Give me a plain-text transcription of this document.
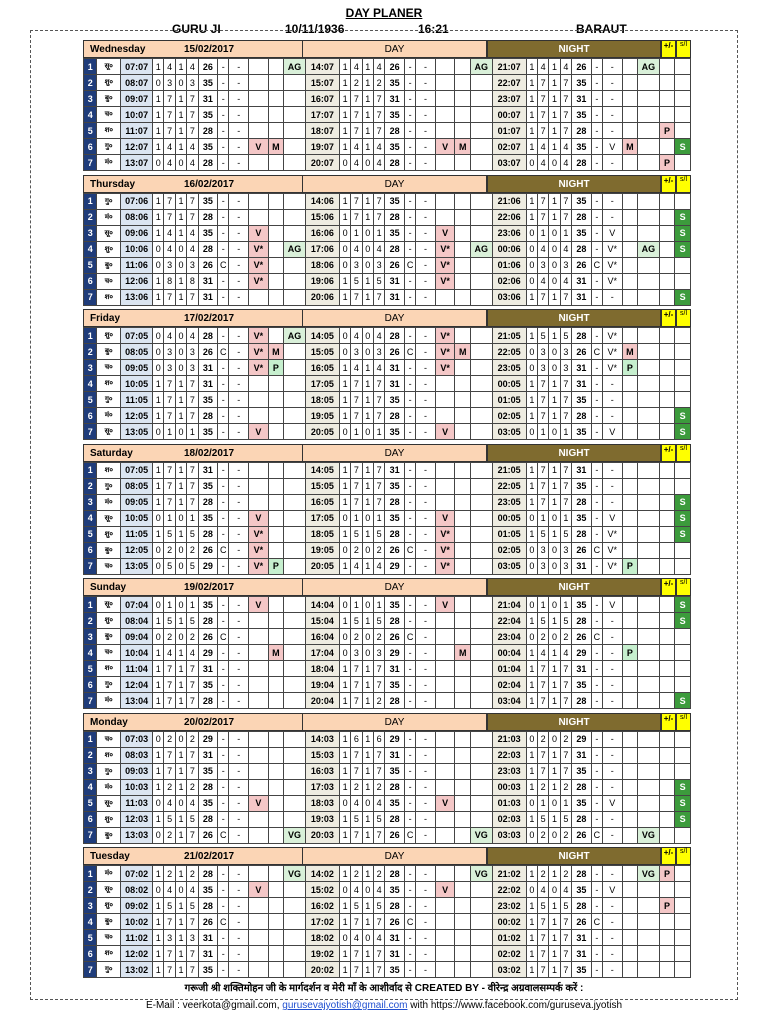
DAY PLANER
GURU JI	10/11/1936	16:21	BARAUT
Wednesday	15/02/2017	DAY	NIGHT	+/- s/l
1	सू०	07:07	1	4	1	4	26	-	-			AG	14:07	1	4	1	4	26	-	-			AG	21:07	1	4	1	4	26	-	-		AG		
2	शु०	08:07	0	3	0	3	35	-	-				15:07	1	2	1	2	35	-	-				22:07	1	7	1	7	35	-	-				
3	बु०	09:07	1	7	1	7	31	-	-				16:07	1	7	1	7	31	-	-				23:07	1	7	1	7	31	-	-				
4	च०	10:07	1	7	1	7	35	-	-				17:07	1	7	1	7	35	-	-				00:07	1	7	1	7	35	-	-				
5	श०	11:07	1	7	1	7	28	-	-				18:07	1	7	1	7	28	-	-				01:07	1	7	1	7	28	-	-			P	
6	गु०	12:07	1	4	1	4	35	-	-	V	M		19:07	1	4	1	4	35	-	-	V	M		02:07	1	4	1	4	35	-	V	M			S
7	मं०	13:07	0	4	0	4	28	-	-				20:07	0	4	0	4	28	-	-				03:07	0	4	0	4	28	-	-			P	
Thursday	16/02/2017	DAY	NIGHT	+/- s/l
1	गु०	07:06	1	7	1	7	35	-	-				14:06	1	7	1	7	35	-	-				21:06	1	7	1	7	35	-	-				
2	मं०	08:06	1	7	1	7	28	-	-				15:06	1	7	1	7	28	-	-				22:06	1	7	1	7	28	-	-				S
3	सू०	09:06	1	4	1	4	35	-	-	V			16:06	0	1	0	1	35	-	-	V			23:06	0	1	0	1	35	-	V				S
4	शु०	10:06	0	4	0	4	28	-	-	V*		AG	17:06	0	4	0	4	28	-	-	V*		AG	00:06	0	4	0	4	28	-	V*		AG		S
5	बु०	11:06	0	3	0	3	26	C	-	V*			18:06	0	3	0	3	26	C	-	V*			01:06	0	3	0	3	26	C	V*				
6	च०	12:06	1	8	1	8	31	-	-	V*			19:06	1	5	1	5	31	-	-	V*			02:06	0	4	0	4	31	-	V*				
7	श०	13:06	1	7	1	7	31	-	-				20:06	1	7	1	7	31	-	-				03:06	1	7	1	7	31	-	-				S
Friday	17/02/2017	DAY	NIGHT	+/- s/l
1	शु०	07:05	0	4	0	4	28	-	-	V*		AG	14:05	0	4	0	4	28	-	-	V*			21:05	1	5	1	5	28	-	V*				
2	बु०	08:05	0	3	0	3	26	C	-	V*	M		15:05	0	3	0	3	26	C	-	V*	M		22:05	0	3	0	3	26	C	V*	M			
3	च०	09:05	0	3	0	3	31	-	-	V*	P		16:05	1	4	1	4	31	-	-	V*			23:05	0	3	0	3	31	-	V*	P			
4	श०	10:05	1	7	1	7	31	-	-				17:05	1	7	1	7	31	-	-				00:05	1	7	1	7	31	-	-				
5	गु०	11:05	1	7	1	7	35	-	-				18:05	1	7	1	7	35	-	-				01:05	1	7	1	7	35	-	-				
6	मं०	12:05	1	7	1	7	28	-	-				19:05	1	7	1	7	28	-	-				02:05	1	7	1	7	28	-	-				S
7	सू०	13:05	0	1	0	1	35	-	-	V			20:05	0	1	0	1	35	-	-	V			03:05	0	1	0	1	35	-	V				S
Saturday	18/02/2017	DAY	NIGHT	+/- s/l
1	श०	07:05	1	7	1	7	31	-	-				14:05	1	7	1	7	31	-	-				21:05	1	7	1	7	31	-	-				
2	गु०	08:05	1	7	1	7	35	-	-				15:05	1	7	1	7	35	-	-				22:05	1	7	1	7	35	-	-				
3	मं०	09:05	1	7	1	7	28	-	-				16:05	1	7	1	7	28	-	-				23:05	1	7	1	7	28	-	-				S
4	सू०	10:05	0	1	0	1	35	-	-	V			17:05	0	1	0	1	35	-	-	V			00:05	0	1	0	1	35	-	V				S
5	शु०	11:05	1	5	1	5	28	-	-	V*			18:05	1	5	1	5	28	-	-	V*			01:05	1	5	1	5	28	-	V*				S
6	बु०	12:05	0	2	0	2	26	C	-	V*			19:05	0	2	0	2	26	C	-	V*			02:05	0	3	0	3	26	C	V*				
7	च०	13:05	0	5	0	5	29	-	-	V*	P		20:05	1	4	1	4	29	-	-	V*			03:05	0	3	0	3	31	-	V*	P			
Sunday	19/02/2017	DAY	NIGHT	+/- s/l
1	सू०	07:04	0	1	0	1	35	-	-	V			14:04	0	1	0	1	35	-	-	V			21:04	0	1	0	1	35	-	V				S
2	शु०	08:04	1	5	1	5	28	-	-				15:04	1	5	1	5	28	-	-				22:04	1	5	1	5	28	-	-				S
3	बु०	09:04	0	2	0	2	26	C	-				16:04	0	2	0	2	26	C	-				23:04	0	2	0	2	26	C	-				
4	च०	10:04	1	4	1	4	29	-	-		M		17:04	0	3	0	3	29	-	-		M		00:04	1	4	1	4	29	-	-	P			
5	श०	11:04	1	7	1	7	31	-	-				18:04	1	7	1	7	31	-	-				01:04	1	7	1	7	31	-	-				
6	गु०	12:04	1	7	1	7	35	-	-				19:04	1	7	1	7	35	-	-				02:04	1	7	1	7	35	-	-				
7	मं०	13:04	1	7	1	7	28	-	-				20:04	1	7	1	2	28	-	-				03:04	1	7	1	7	28	-	-				S
Monday	20/02/2017	DAY	NIGHT	+/- s/l
1	च०	07:03	0	2	0	2	29	-	-				14:03	1	6	1	6	29	-	-				21:03	0	2	0	2	29	-	-				
2	श०	08:03	1	7	1	7	31	-	-				15:03	1	7	1	7	31	-	-				22:03	1	7	1	7	31	-	-				
3	गु०	09:03	1	7	1	7	35	-	-				16:03	1	7	1	7	35	-	-				23:03	1	7	1	7	35	-	-				
4	मं०	10:03	1	2	1	2	28	-	-				17:03	1	2	1	2	28	-	-				00:03	1	2	1	2	28	-	-				S
5	सू०	11:03	0	4	0	4	35	-	-	V			18:03	0	4	0	4	35	-	-	V			01:03	0	1	0	1	35	-	V				S
6	शु०	12:03	1	5	1	5	28	-	-				19:03	1	5	1	5	28	-	-				02:03	1	5	1	5	28	-	-				S
7	बु०	13:03	0	2	1	7	26	C	-			VG	20:03	1	7	1	7	26	C	-			VG	03:03	0	2	0	2	26	C	-		VG		
Tuesday	21/02/2017	DAY	NIGHT	+/- s/l
1	मं०	07:02	1	2	1	2	28	-	-			VG	14:02	1	2	1	2	28	-	-			VG	21:02	1	2	1	2	28	-	-		VG	P	
2	सू०	08:02	0	4	0	4	35	-	-	V			15:02	0	4	0	4	35	-	-	V			22:02	0	4	0	4	35	-	V				
3	शु०	09:02	1	5	1	5	28	-	-				16:02	1	5	1	5	28	-	-				23:02	1	5	1	5	28	-	-			P	
4	बु०	10:02	1	7	1	7	26	C	-				17:02	1	7	1	7	26	C	-				00:02	1	7	1	7	26	C	-				
5	च०	11:02	1	3	1	3	31	-	-				18:02	0	4	0	4	31	-	-				01:02	1	7	1	7	31	-	-				
6	श०	12:02	1	7	1	7	31	-	-				19:02	1	7	1	7	31	-	-				02:02	1	7	1	7	31	-	-				
7	गु०	13:02	1	7	1	7	35	-	-				20:02	1	7	1	7	35	-	-				03:02	1	7	1	7	35	-	-				
गरूजी श्री शक्तिमोहन जी के मार्गदर्शन व मेरी माँ के आशीर्वाद से CREATED BY - वीरेन्द्र अग्रवालसम्पर्क करें :
E-Mail : veerkota@gmail.com, gurusevajyotish@gmail.com with https://www.facebook.com/guruseva.jyotish
